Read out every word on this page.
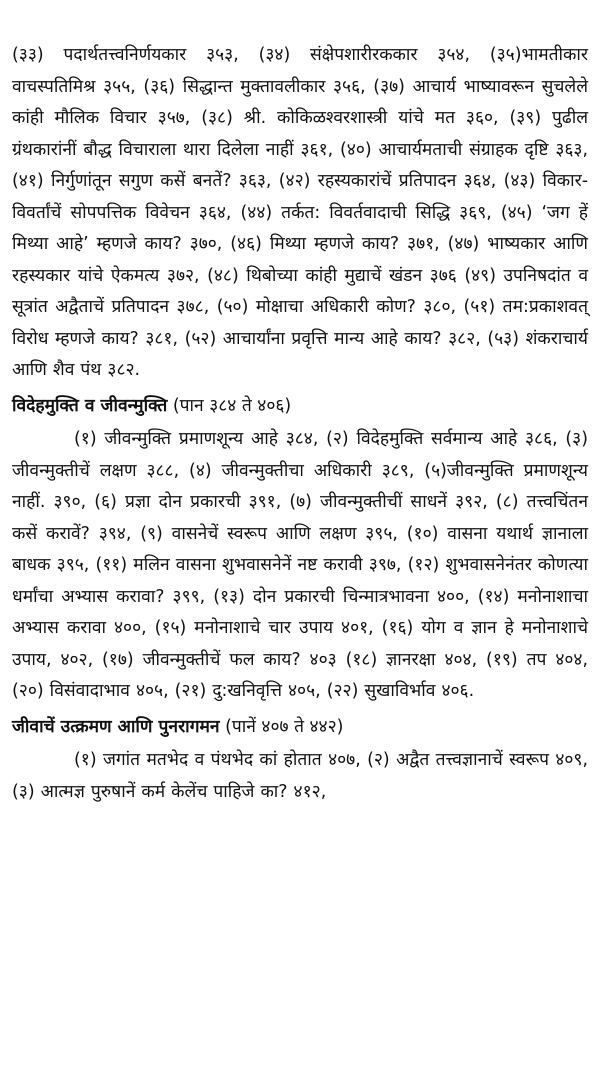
(३३) पदार्थतत्त्वनिर्णयकार ३५३, (३४) संक्षेपशारीरककार ३५४, (३५)भामतीकार वाचस्पतिमिश्र ३५५, (३६) सिद्धान्त मुक्तावलीकार ३५६, (३७) आचार्य भाष्यावरून सुचलेले कांही मौलिक विचार ३५७, (३८) श्री. कोकिळश्वरशास्त्री यांचे मत ३६०, (३९) पुढील ग्रंथकारांनीं बौद्ध विचाराला थारा दिलेला नाहीं ३६१, (४०) आचार्यमताची संग्राहक दृष्टि ३६३, (४१) निर्गुणांतून सगुण कसें बनतें? ३६३, (४२) रहस्यकारांचें प्रतिपादन ३६४, (४३) विकार-विवर्तांचें सोपपत्तिक विवेचन ३६४, (४४) तर्कत: विवर्तवादाची सिद्धि ३६९, (४५) ‘जग हें मिथ्या आहे’ म्हणजे काय? ३७०, (४६) मिथ्या म्हणजे काय? ३७१, (४७) भाष्यकार आणि रहस्यकार यांचे ऐकमत्य ३७२, (४८) थिबोच्या कांही मुद्याचें खंडन ३७६ (४९) उपनिषदांत व सूत्रांत अद्वैताचें प्रतिपादन ३७८, (५०) मोक्षाचा अधिकारी कोण? ३८०, (५१) तम:प्रकाशवत् विरोध म्हणजे काय? ३८१, (५२) आचार्यांना प्रवृत्ति मान्य आहे काय? ३८२, (५३) शंकराचार्य आणि शैव पंथ ३८२.

विदेहमुक्ति व जीवन्मुक्ति (पान ३८४ ते ४०६)

(१) जीवन्मुक्ति प्रमाणशून्य आहे ३८४, (२) विदेहमुक्ति सर्वमान्य आहे ३८६, (३) जीवन्मुक्तीचें लक्षण ३८८, (४) जीवन्मुक्तीचा अधिकारी ३८९, (५)जीवन्मुक्ति प्रमाणशून्य नाहीं. ३९०, (६) प्रज्ञा दोन प्रकारची ३९१, (७) जीवन्मुक्तीचीं साधनें ३९२, (८) तत्त्वचिंतन कसें करावें? ३९४, (९) वासनेचें स्वरूप आणि लक्षण ३९५, (१०) वासना यथार्थ ज्ञानाला बाधक ३९५, (११) मलिन वासना शुभवासनेनें नष्ट करावी ३९७, (१२) शुभवासनेनंतर कोणत्या धर्मांचा अभ्यास करावा? ३९९, (१३) दोन प्रकारची चिन्मात्रभावना ४००, (१४) मनोनाशाचा अभ्यास करावा ४००, (१५) मनोनाशाचे चार उपाय ४०१, (१६) योग व ज्ञान हे मनोनाशाचे उपाय, ४०२, (१७) जीवन्मुक्तीचें फल काय? ४०३ (१८) ज्ञानरक्षा ४०४, (१९) तप ४०४, (२०) विसंवादाभाव ४०५, (२१) दु:खनिवृत्ति ४०५, (२२) सुखाविर्भाव ४०६.

जीवाचें उत्क्रमण आणि पुनरागमन (पानें ४०७ ते ४४२)

(१) जगांत मतभेद व पंथभेद कां होतात ४०७, (२) अद्वैत तत्त्वज्ञानाचें स्वरूप ४०९, (३) आत्मज्ञ पुरुषानें कर्म केलेंच पाहिजे का? ४१२,
